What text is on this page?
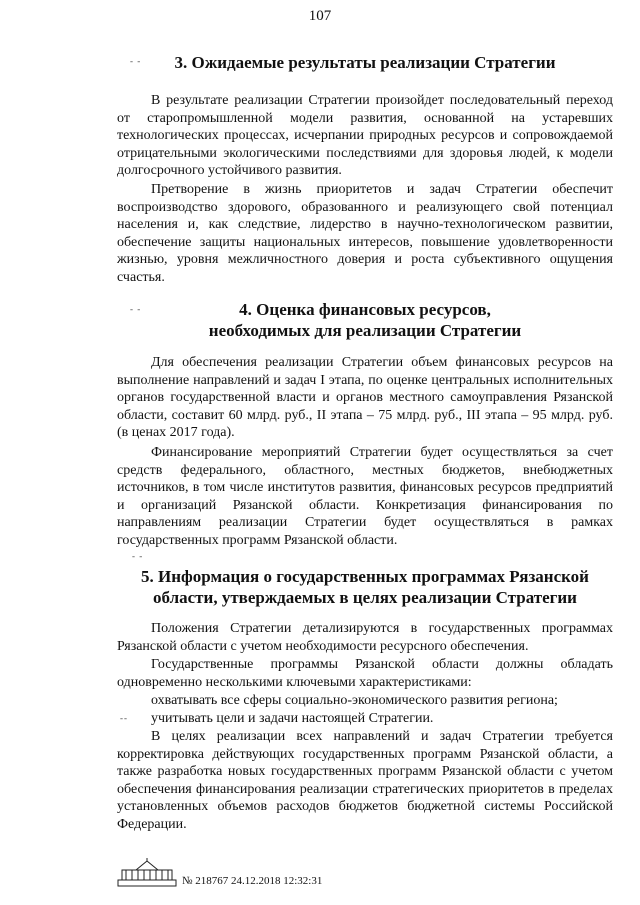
107
- -	3. Ожидаемые результаты реализации Стратегии

В результате реализации Стратегии произойдет последовательный переход от старопромышленной модели развития, основанной на устаревших технологических процессах, исчерпании природных ресурсов и сопровождаемой отрицательными экологическими последствиями для здоровья людей, к модели долгосрочного устойчивого развития.

Претворение в жизнь приоритетов и задач Стратегии обеспечит воспроизводство здорового, образованного и реализующего свой потенциал населения и, как следствие, лидерство в научно-технологическом развитии, обеспечение защиты национальных интересов, повышение удовлетворенности жизнью, уровня межличностного доверия и роста субъективного ощущения счастья.

- -	4. Оценка финансовых ресурсов,
необходимых для реализации Стратегии

Для обеспечения реализации Стратегии объем финансовых ресурсов на выполнение направлений и задач I этапа, по оценке центральных исполнительных органов государственной власти и органов местного самоуправления Рязанской области, составит 60 млрд. руб., II этапа – 75 млрд. руб., III этапа – 95 млрд. руб. (в ценах 2017 года).

Финансирование мероприятий Стратегии будет осуществляться за счет средств федерального, областного, местных бюджетов, внебюджетных источников, в том числе институтов развития, финансовых ресурсов предприятий и организаций Рязанской области. Конкретизация финансирования по направлениям реализации Стратегии будет осуществляться в рамках государственных программ Рязанской области.

- -
5. Информация о государственных программах Рязанской
области, утверждаемых в целях реализации Стратегии

Положения Стратегии детализируются в государственных программах Рязанской области с учетом необходимости ресурсного обеспечения.

Государственные программы Рязанской области должны обладать одновременно несколькими ключевыми характеристиками:

охватывать все сферы социально-экономического развития региона;

--	учитывать цели и задачи настоящей Стратегии.

В целях реализации всех направлений и задач Стратегии требуется корректировка действующих государственных программ Рязанской области, а также разработка новых государственных программ Рязанской области с учетом обеспечения финансирования реализации стратегических приоритетов в пределах установленных объемов расходов бюджетов бюджетной системы Российской Федерации.

№ 218767 24.12.2018 12:32:31
